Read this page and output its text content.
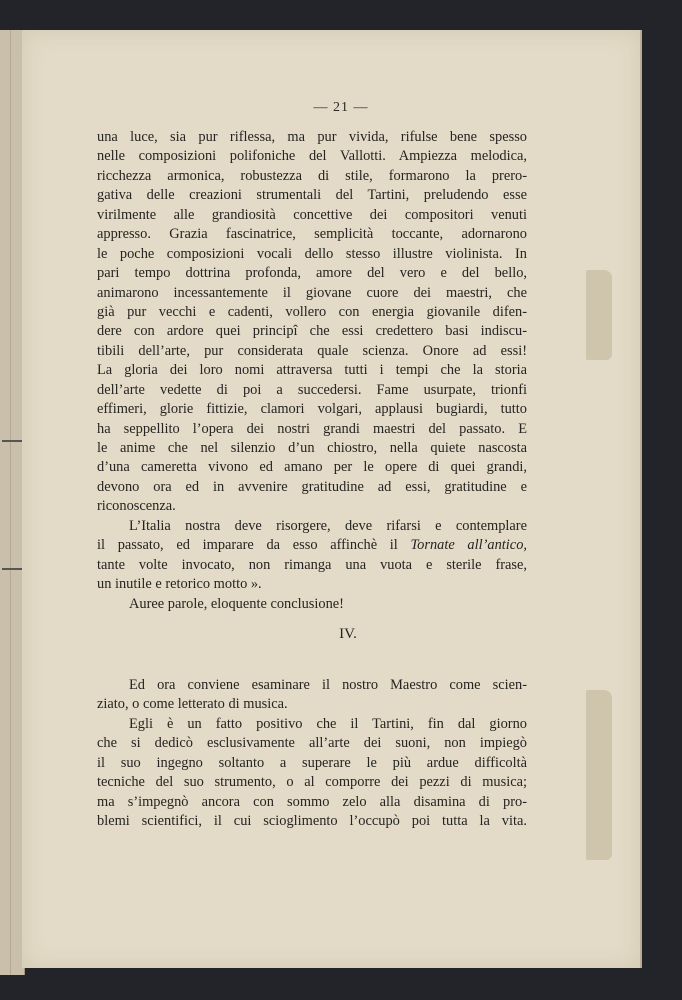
— 21 —
una luce, sia pur riflessa, ma pur vivida, rifulse bene spesso
nelle composizioni polifoniche del Vallotti. Ampiezza melodica,
ricchezza armonica, robustezza di stile, formarono la prero-
gativa delle creazioni strumentali del Tartini, preludendo esse
virilmente alle grandiosità concettive dei compositori venuti
appresso. Grazia fascinatrice, semplicità toccante, adornarono
le poche composizioni vocali dello stesso illustre violinista. In
pari tempo dottrina profonda, amore del vero e del bello,
animarono incessantemente il giovane cuore dei maestri, che
già pur vecchi e cadenti, vollero con energia giovanile difen-
dere con ardore quei principî che essi credettero basi indiscu-
tibili dell’arte, pur considerata quale scienza. Onore ad essi!
La gloria dei loro nomi attraversa tutti i tempi che la storia
dell’arte vedette di poi a succedersi. Fame usurpate, trionfi
effimeri, glorie fittizie, clamori volgari, applausi bugiardi, tutto
ha seppellito l’opera dei nostri grandi maestri del passato. E
le anime che nel silenzio d’un chiostro, nella quiete nascosta
d’una cameretta vivono ed amano per le opere di quei grandi,
devono ora ed in avvenire gratitudine ad essi, gratitudine e
riconoscenza.
L’Italia nostra deve risorgere, deve rifarsi e contemplare
il passato, ed imparare da esso affinchè il Tornate all’antico,
tante volte invocato, non rimanga una vuota e sterile frase,
un inutile e retorico motto ».
Auree parole, eloquente conclusione!
IV.
Ed ora conviene esaminare il nostro Maestro come scien-
ziato, o come letterato di musica.
Egli è un fatto positivo che il Tartini, fin dal giorno
che si dedicò esclusivamente all’arte dei suoni, non impiegò
il suo ingegno soltanto a superare le più ardue difficoltà
tecniche del suo strumento, o al comporre dei pezzi di musica;
ma s’impegnò ancora con sommo zelo alla disamina di pro-
blemi scientifici, il cui scioglimento l’occupò poi tutta la vita.
